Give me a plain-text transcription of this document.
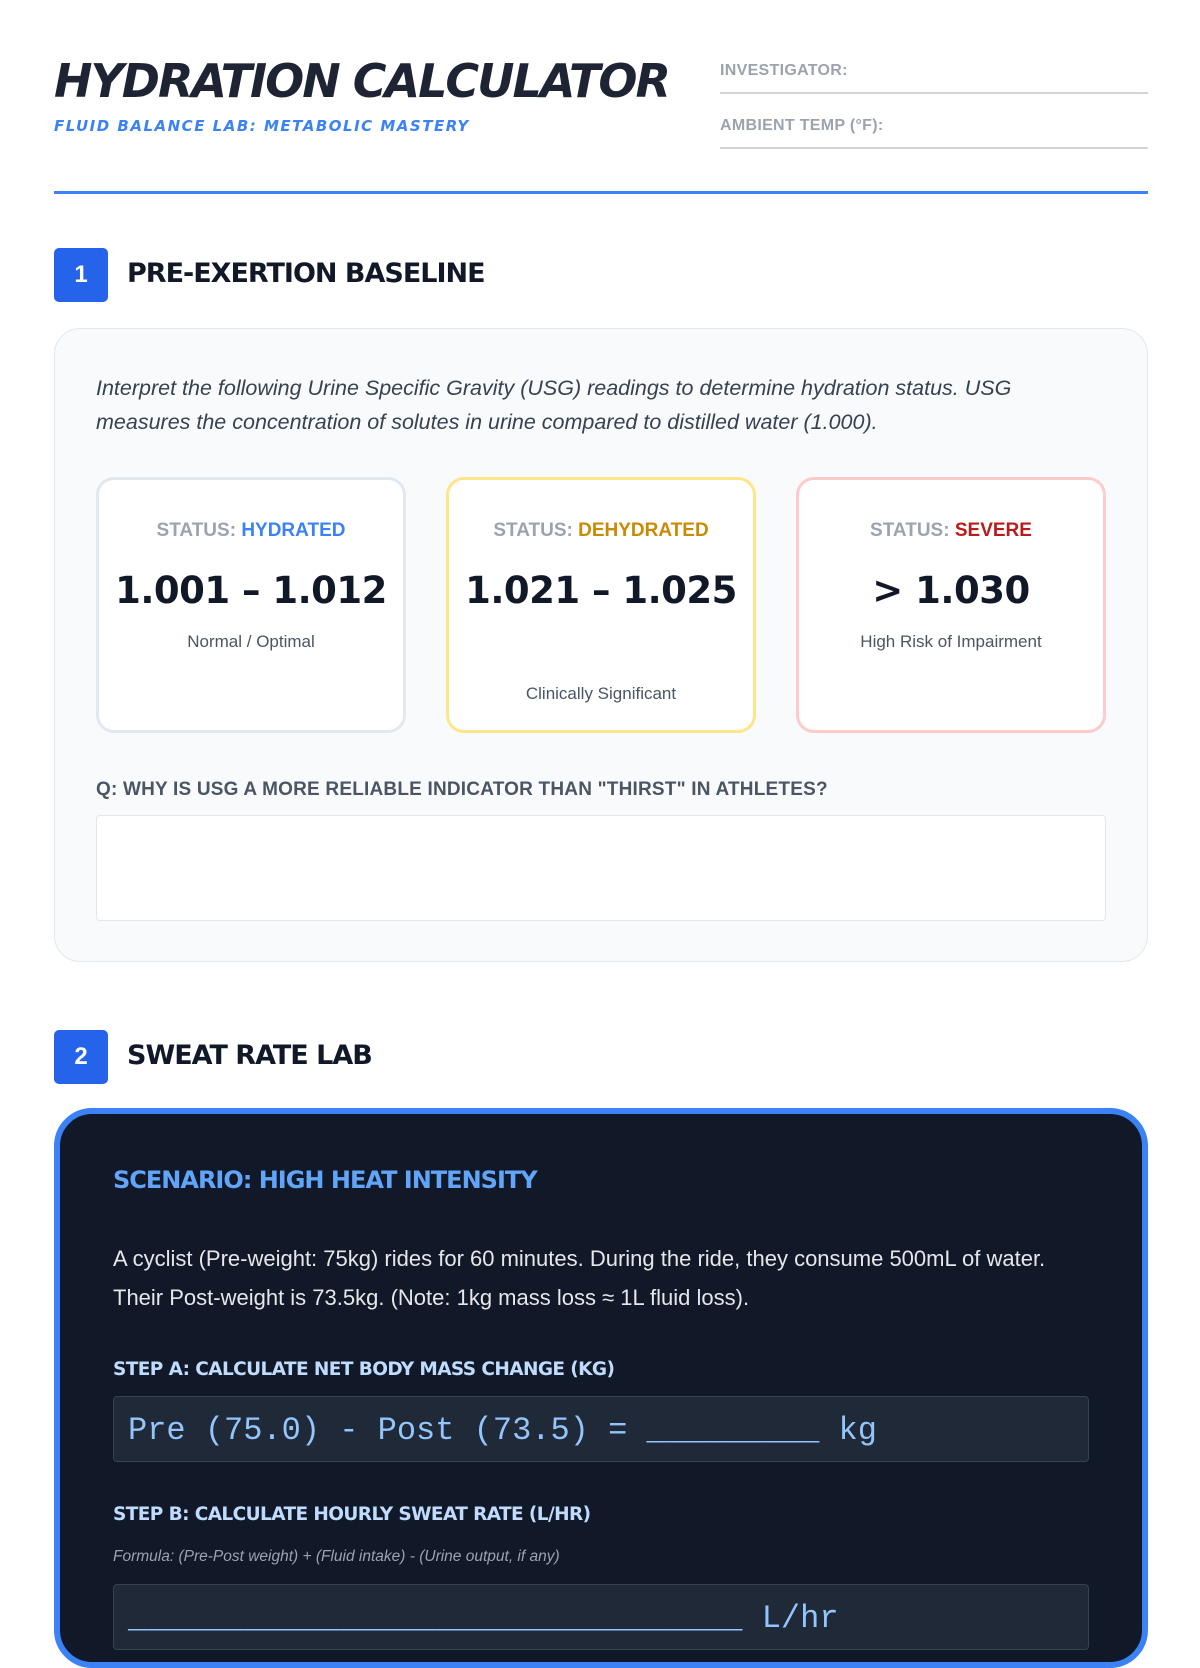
HYDRATION CALCULATOR
FLUID BALANCE LAB: METABOLIC MASTERY
INVESTIGATOR:
AMBIENT TEMP (°F):
1	PRE-EXERTION BASELINE

Interpret the following Urine Specific Gravity (USG) readings to determine hydration status. USG measures the concentration of solutes in urine compared to distilled water (1.000).

STATUS: HYDRATED
1.001 – 1.012
Normal / Optimal
STATUS: DEHYDRATED
1.021 – 1.025
Clinically Significant
STATUS: SEVERE
> 1.030
High Risk of Impairment
Q: WHY IS USG A MORE RELIABLE INDICATOR THAN "THIRST" IN ATHLETES?
2	SWEAT RATE LAB
SCENARIO: HIGH HEAT INTENSITY

A cyclist (Pre-weight: 75kg) rides for 60 minutes. During the ride, they consume 500mL of water. Their Post-weight is 73.5kg. (Note: 1kg mass loss ≈ 1L fluid loss).

STEP A: CALCULATE NET BODY MASS CHANGE (KG)
Pre (75.0) - Post (73.5) = _________ kg
STEP B: CALCULATE HOURLY SWEAT RATE (L/HR)
Formula: (Pre-Post weight) + (Fluid intake) - (Urine output, if any)
________________________________ L/hr
